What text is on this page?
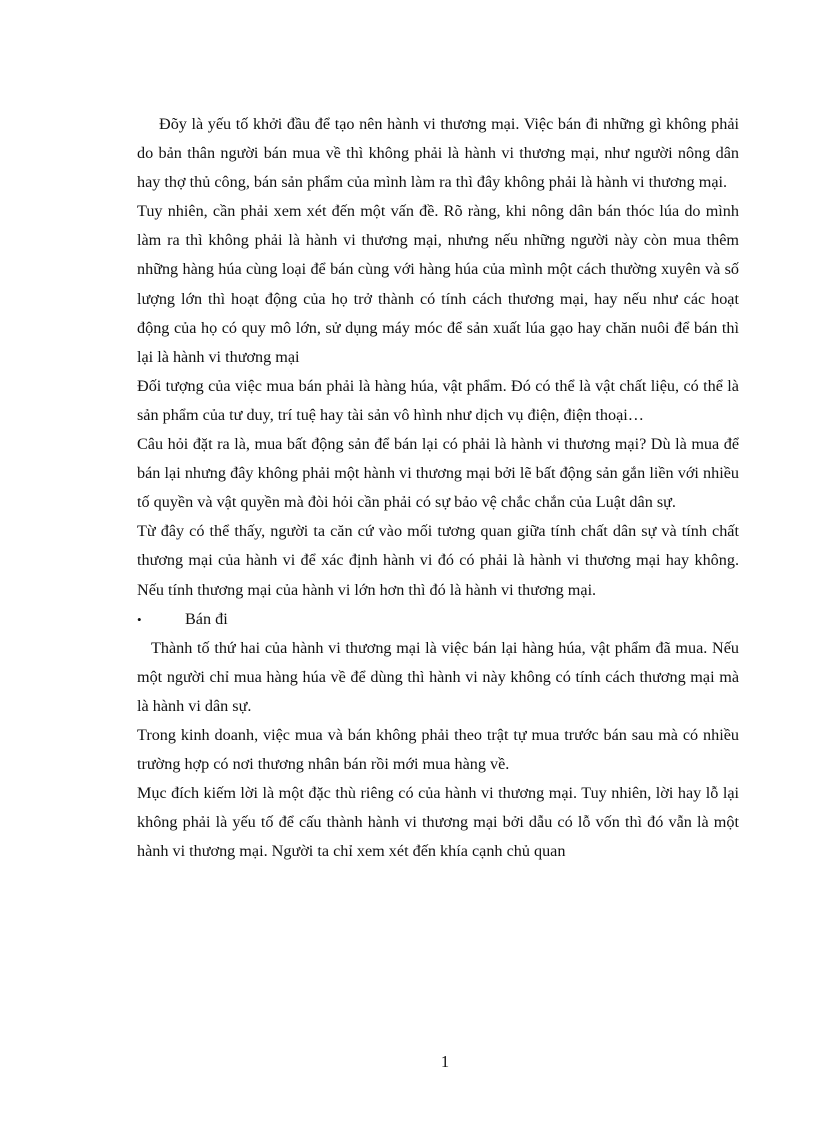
Đõy là yếu tố khởi đầu để tạo nên hành vi thương mại. Việc bán đi những gì không phải do bản thân người bán mua về thì không phải là hành vi thương mại, như người nông dân hay thợ thủ công, bán sản phẩm của mình làm ra thì đây không phải là hành vi thương mại.

Tuy nhiên, cần phải xem xét đến một vấn đề. Rõ ràng, khi nông dân bán thóc lúa do mình làm ra thì không phải là hành vi thương mại, nhưng nếu những người này còn mua thêm những hàng húa cùng loại để bán cùng với hàng húa của mình một cách thường xuyên và số lượng lớn thì hoạt động của họ trở thành có tính cách thương mại, hay nếu như các hoạt động của họ có quy mô lớn, sử dụng máy móc để sản xuất lúa gạo hay chăn nuôi để bán thì lại là hành vi thương mại

Đối tượng của việc mua bán phải là hàng húa, vật phẩm. Đó có thể là vật chất liệu, có thể là sản phẩm của tư duy, trí tuệ hay tài sản vô hình như dịch vụ điện, điện thoại…

Câu hỏi đặt ra là, mua bất động sản để bán lại có phải là hành vi thương mại? Dù là mua để bán lại nhưng đây không phải một hành vi thương mại bởi lẽ bất động sản gắn liền với nhiều tố quyền và vật quyền mà đòi hỏi cần phải có sự bảo vệ chắc chắn của Luật dân sự.

Từ đây có thể thấy, người ta căn cứ vào mối tương quan giữa tính chất dân sự và tính chất thương mại của hành vi để xác định hành vi đó có phải là hành vi thương mại hay không. Nếu tính thương mại của hành vi lớn hơn thì đó là hành vi thương mại.

•	Bán đi

Thành tố thứ hai của hành vi thương mại là việc bán lại hàng húa, vật phẩm đã mua. Nếu một người chỉ mua hàng húa về để dùng thì hành vi này không có tính cách thương mại mà là hành vi dân sự.

Trong kinh doanh, việc mua và bán không phải theo trật tự mua trước bán sau mà có nhiều trường hợp có nơi thương nhân bán rồi mới mua hàng về.

Mục đích kiếm lời là một đặc thù riêng có của hành vi thương mại. Tuy nhiên, lời hay lỗ lại không phải là yếu tố để cấu thành hành vi thương mại bởi dẫu có lỗ vốn thì đó vẫn là một hành vi thương mại. Người ta chỉ xem xét đến khía cạnh chủ quan

1
